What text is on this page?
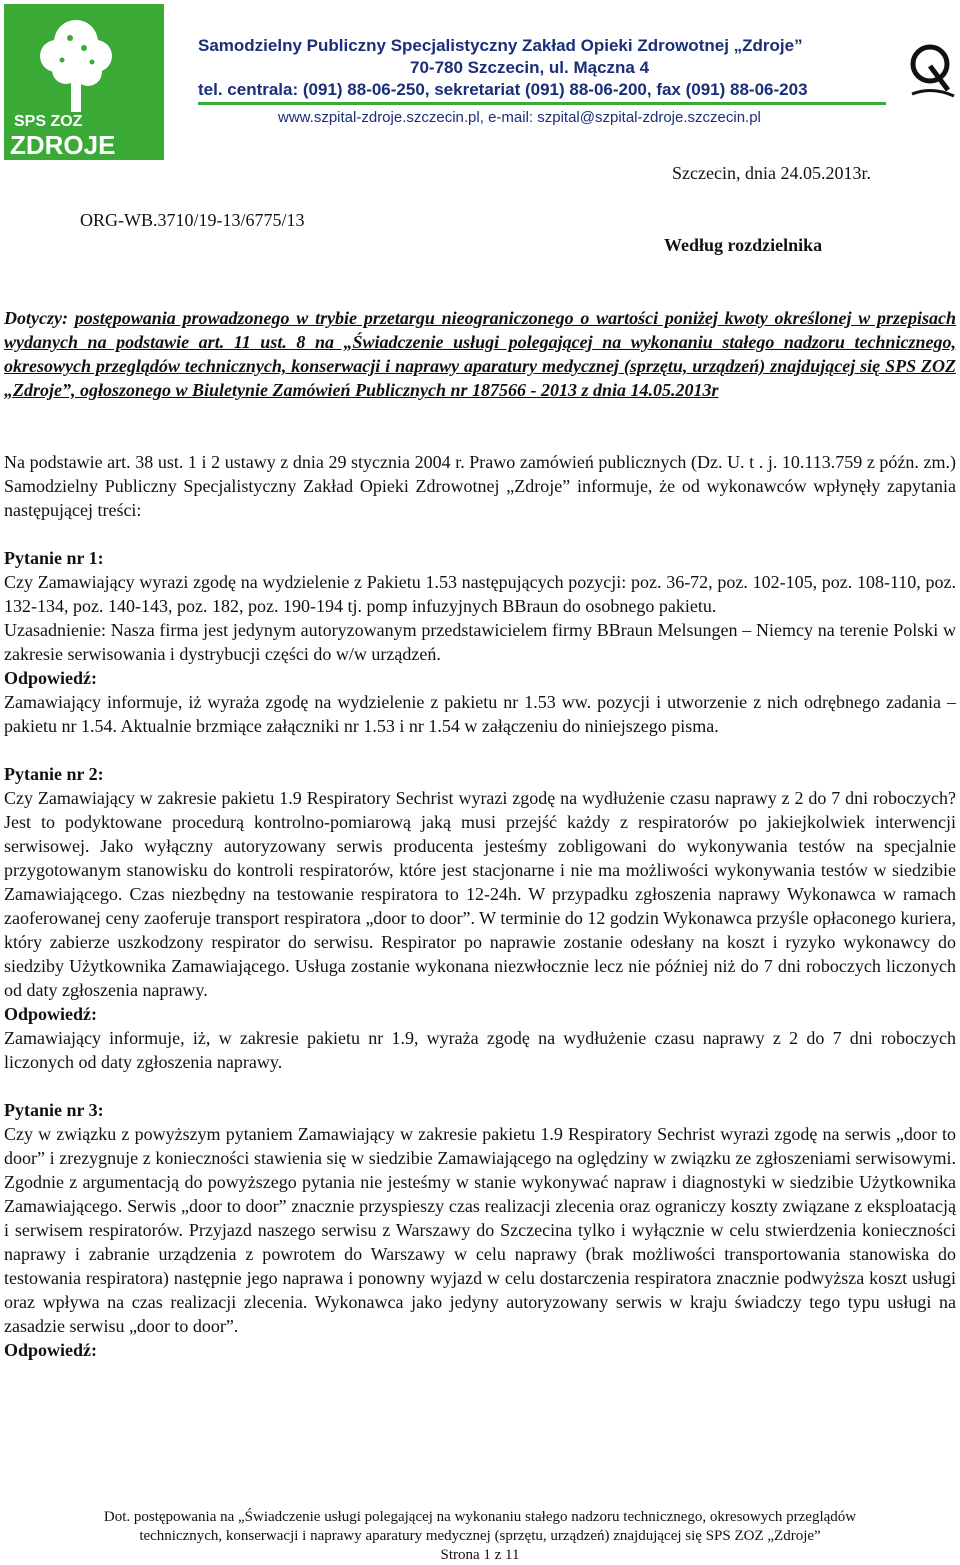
SPS ZOZ
ZDROJE
Samodzielny Publiczny Specjalistyczny Zakład Opieki Zdrowotnej „Zdroje”
70-780 Szczecin, ul. Mączna 4
tel. centrala: (091) 88-06-250, sekretariat (091) 88-06-200, fax (091) 88-06-203
www.szpital-zdroje.szczecin.pl, e-mail: szpital@szpital-zdroje.szczecin.pl
Szczecin, dnia 24.05.2013r.
ORG-WB.3710/19-13/6775/13
Według rozdzielnika

Dotyczy: postępowania prowadzonego w trybie przetargu nieograniczonego o wartości poniżej kwoty określonej w przepisach wydanych na podstawie art. 11 ust. 8 na „Świadczenie usługi polegającej na wykonaniu stałego nadzoru technicznego, okresowych przeglądów technicznych, konserwacji i naprawy aparatury medycznej (sprzętu, urządzeń) znajdującej się SPS ZOZ „Zdroje”, ogłoszonego w Biuletynie Zamówień Publicznych nr 187566 - 2013 z dnia 14.05.2013r

Na podstawie art. 38 ust. 1 i 2 ustawy z dnia 29 stycznia 2004 r. Prawo zamówień publicznych (Dz. U. t . j. 10.113.759 z późn. zm.) Samodzielny Publiczny Specjalistyczny Zakład Opieki Zdrowotnej „Zdroje” informuje, że od wykonawców wpłynęły zapytania następującej treści:

Pytanie nr 1:

Czy Zamawiający wyrazi zgodę na wydzielenie z Pakietu 1.53 następujących pozycji: poz. 36-72, poz. 102-105, poz. 108-110, poz. 132-134, poz. 140-143, poz. 182, poz. 190-194 tj. pomp infuzyjnych BBraun do osobnego pakietu.

Uzasadnienie: Nasza firma jest jedynym autoryzowanym przedstawicielem firmy BBraun Melsungen – Niemcy na terenie Polski w zakresie serwisowania i dystrybucji części do w/w urządzeń.

Odpowiedź:

Zamawiający informuje, iż wyraża zgodę na wydzielenie z pakietu nr 1.53 ww. pozycji i utworzenie z nich odrębnego zadania – pakietu nr 1.54. Aktualnie brzmiące załączniki nr 1.53 i nr 1.54 w załączeniu do niniejszego pisma.

Pytanie nr 2:

Czy Zamawiający w zakresie pakietu 1.9 Respiratory Sechrist wyrazi zgodę na wydłużenie czasu naprawy z 2 do 7 dni roboczych? Jest to podyktowane procedurą kontrolno-pomiarową jaką musi przejść każdy z respiratorów po jakiejkolwiek interwencji serwisowej. Jako wyłączny autoryzowany serwis producenta jesteśmy zobligowani do wykonywania testów na specjalnie przygotowanym stanowisku do kontroli respiratorów, które jest stacjonarne i nie ma możliwości wykonywania testów w siedzibie Zamawiającego. Czas niezbędny na testowanie respiratora to 12-24h. W przypadku zgłoszenia naprawy Wykonawca w ramach zaoferowanej ceny zaoferuje transport respiratora „door to door”. W terminie do 12 godzin Wykonawca przyśle opłaconego kuriera, który zabierze uszkodzony respirator do serwisu. Respirator po naprawie zostanie odesłany na koszt i ryzyko wykonawcy do siedziby Użytkownika Zamawiającego. Usługa zostanie wykonana niezwłocznie lecz nie później niż do 7 dni roboczych liczonych od daty zgłoszenia naprawy.

Odpowiedź:

Zamawiający informuje, iż, w zakresie pakietu nr 1.9, wyraża zgodę na wydłużenie czasu naprawy z 2 do 7 dni roboczych liczonych od daty zgłoszenia naprawy.

Pytanie nr 3:

Czy w związku z powyższym pytaniem Zamawiający w zakresie pakietu 1.9 Respiratory Sechrist wyrazi zgodę na serwis „door to door” i zrezygnuje z konieczności stawienia się w siedzibie Zamawiającego na oględziny w związku ze zgłoszeniami serwisowymi. Zgodnie z argumentacją do powyższego pytania nie jesteśmy w stanie wykonywać napraw i diagnostyki w siedzibie Użytkownika Zamawiającego. Serwis „door to door” znacznie przyspieszy czas realizacji zlecenia oraz ograniczy koszty związane z eksploatacją i serwisem respiratorów. Przyjazd naszego serwisu z Warszawy do Szczecina tylko i wyłącznie w celu stwierdzenia konieczności naprawy i zabranie urządzenia z powrotem do Warszawy w celu naprawy (brak możliwości transportowania stanowiska do testowania respiratora) następnie jego naprawa i ponowny wyjazd w celu dostarczenia respiratora znacznie podwyższa koszt usługi oraz wpływa na czas realizacji zlecenia. Wykonawca jako jedyny autoryzowany serwis w kraju świadczy tego typu usługi na zasadzie serwisu „door to door”.

Odpowiedź:

Dot. postępowania na „Świadczenie usługi polegającej na wykonaniu stałego nadzoru technicznego, okresowych przeglądów
technicznych, konserwacji i naprawy aparatury medycznej (sprzętu, urządzeń) znajdującej się SPS ZOZ „Zdroje”
Strona 1 z 11
